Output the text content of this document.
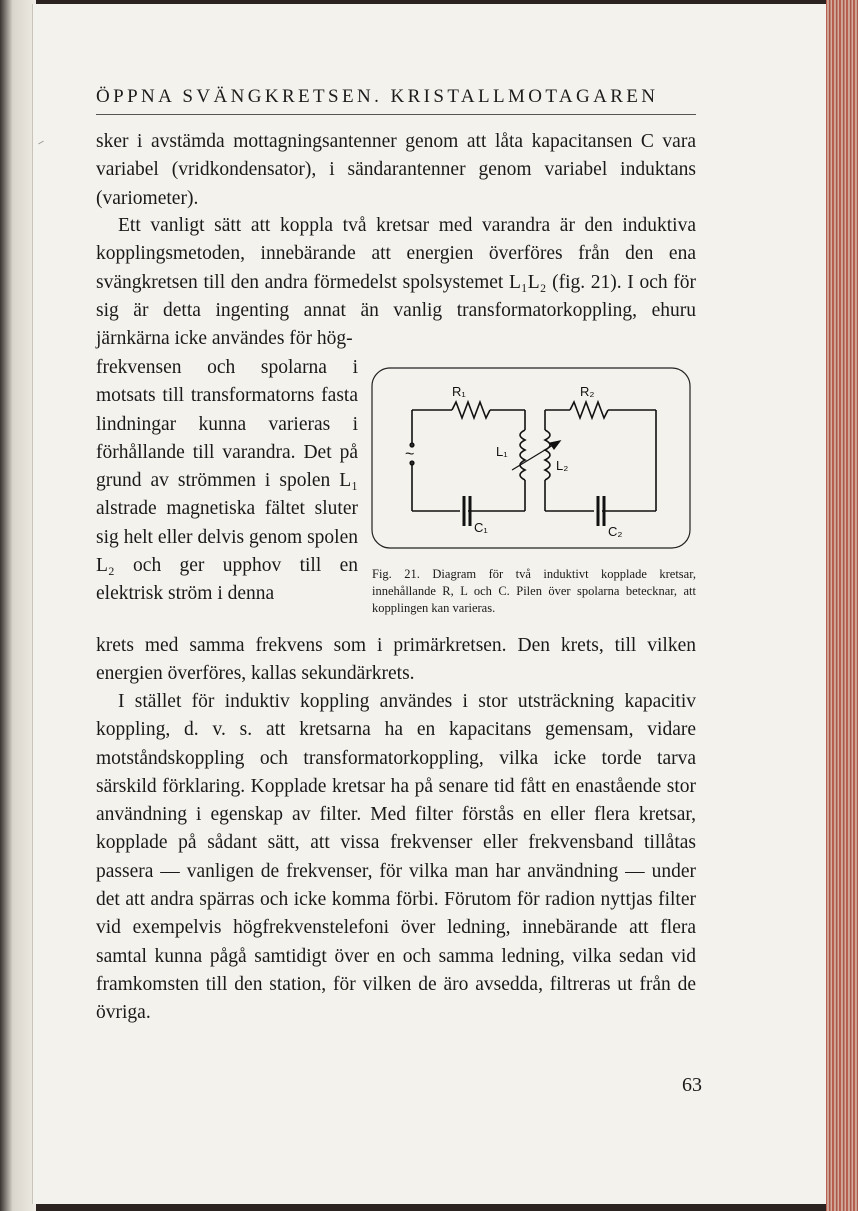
ÖPPNA SVÄNGKRETSEN. KRISTALLMOTAGAREN

sker i avstämda mottagningsantenner genom att låta kapacitansen C vara variabel (vridkondensator), i sändarantenner genom variabel induktans (variometer).

Ett vanligt sätt att koppla två kretsar med varandra är den induktiva kopplingsmetoden, innebärande att energien överföres från den ena svängkretsen till den andra förmedelst spolsystemet L₁L₂ (fig. 21). I och för sig är detta ingenting annat än vanlig transformatorkoppling, ehuru järnkärna icke användes för hög-

frekvensen och spolarna i motsats till transformatorns fasta lindningar kunna varieras i förhållande till varandra. Det på grund av strömmen i spolen L₁ alstrade magnetiska fältet sluter sig helt eller delvis genom spolen L₂ och ger upphov till en elektrisk ström i denna

R₁	R₂
L₁
L₂
C₁	C₂
~
Fig. 21. Diagram för två induktivt kopplade kretsar, innehållande R, L och C. Pilen över spolarna betecknar, att kopplingen kan varieras.

krets med samma frekvens som i primärkretsen. Den krets, till vilken energien överföres, kallas sekundärkrets.

I stället för induktiv koppling användes i stor utsträckning kapacitiv koppling, d. v. s. att kretsarna ha en kapacitans gemensam, vidare motståndskoppling och transformatorkoppling, vilka icke torde tarva särskild förklaring. Kopplade kretsar ha på senare tid fått en enastående stor användning i egenskap av filter. Med filter förstås en eller flera kretsar, kopplade på sådant sätt, att vissa frekvenser eller frekvensband tillåtas passera — vanligen de frekvenser, för vilka man har användning — under det att andra spärras och icke komma förbi. Förutom för radion nyttjas filter vid exempelvis högfrekvenstelefoni över ledning, innebärande att flera samtal kunna pågå samtidigt över en och samma ledning, vilka sedan vid framkomsten till den station, för vilken de äro avsedda, filtreras ut från de övriga.

63
